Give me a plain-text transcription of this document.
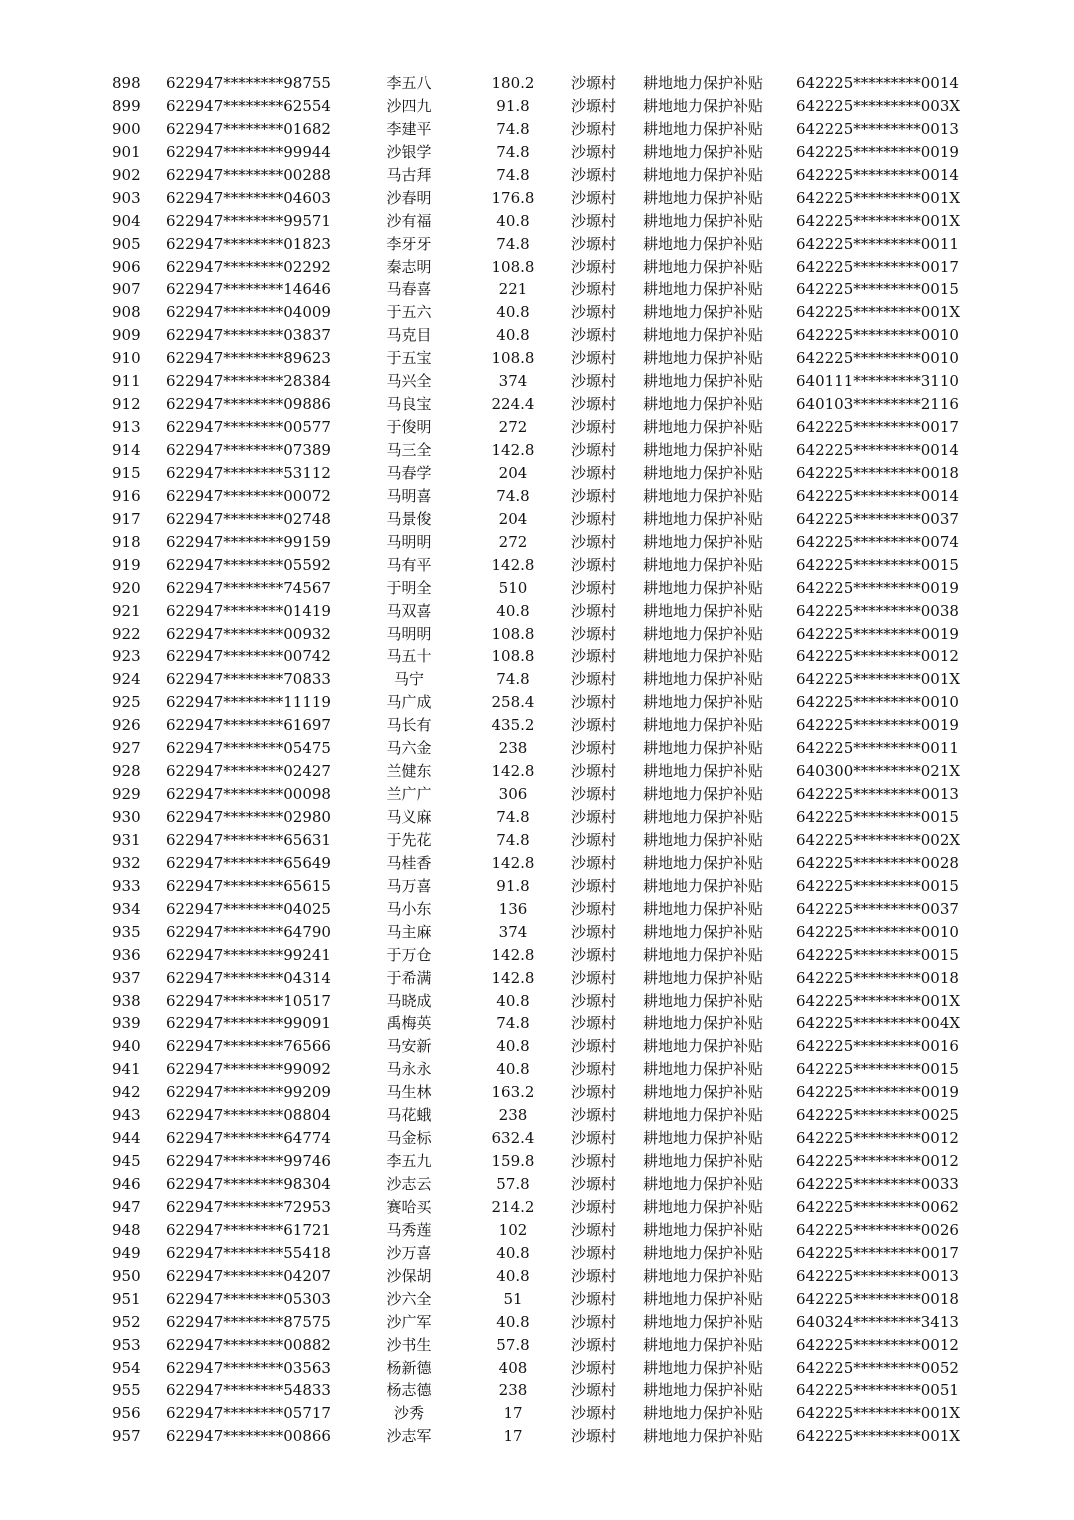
898 622947********98755	李五八	180.2	沙塬村 耕地地力保护补贴 642225*********0014
899 622947********62554	沙四九	91.8	沙塬村 耕地地力保护补贴 642225*********003X
900 622947********01682	李建平	74.8	沙塬村 耕地地力保护补贴 642225*********0013
901 622947********99944	沙银学	74.8	沙塬村 耕地地力保护补贴 642225*********0019
902 622947********00288	马古拜	74.8	沙塬村 耕地地力保护补贴 642225*********0014
903 622947********04603	沙春明	176.8	沙塬村 耕地地力保护补贴 642225*********001X
904 622947********99571	沙有福	40.8	沙塬村 耕地地力保护补贴 642225*********001X
905 622947********01823	李牙牙	74.8	沙塬村 耕地地力保护补贴 642225*********0011
906 622947********02292	秦志明	108.8	沙塬村 耕地地力保护补贴 642225*********0017
907 622947********14646	马春喜	221	沙塬村 耕地地力保护补贴 642225*********0015
908 622947********04009	于五六	40.8	沙塬村 耕地地力保护补贴 642225*********001X
909 622947********03837	马克目	40.8	沙塬村 耕地地力保护补贴 642225*********0010
910 622947********89623	于五宝	108.8	沙塬村 耕地地力保护补贴 642225*********0010
911 622947********28384	马兴全	374	沙塬村 耕地地力保护补贴 640111*********3110
912 622947********09886	马良宝	224.4	沙塬村 耕地地力保护补贴 640103*********2116
913 622947********00577	于俊明	272	沙塬村 耕地地力保护补贴 642225*********0017
914 622947********07389	马三全	142.8	沙塬村 耕地地力保护补贴 642225*********0014
915 622947********53112	马春学	204	沙塬村 耕地地力保护补贴 642225*********0018
916 622947********00072	马明喜	74.8	沙塬村 耕地地力保护补贴 642225*********0014
917 622947********02748	马景俊	204	沙塬村 耕地地力保护补贴 642225*********0037
918 622947********99159	马明明	272	沙塬村 耕地地力保护补贴 642225*********0074
919 622947********05592	马有平	142.8	沙塬村 耕地地力保护补贴 642225*********0015
920 622947********74567	于明全	510	沙塬村 耕地地力保护补贴 642225*********0019
921 622947********01419	马双喜	40.8	沙塬村 耕地地力保护补贴 642225*********0038
922 622947********00932	马明明	108.8	沙塬村 耕地地力保护补贴 642225*********0019
923 622947********00742	马五十	108.8	沙塬村 耕地地力保护补贴 642225*********0012
924 622947********70833	马宁	74.8	沙塬村 耕地地力保护补贴 642225*********001X
925 622947********11119	马广成	258.4	沙塬村 耕地地力保护补贴 642225*********0010
926 622947********61697	马长有	435.2	沙塬村 耕地地力保护补贴 642225*********0019
927 622947********05475	马六金	238	沙塬村 耕地地力保护补贴 642225*********0011
928 622947********02427	兰健东	142.8	沙塬村 耕地地力保护补贴 640300*********021X
929 622947********00098	兰广广	306	沙塬村 耕地地力保护补贴 642225*********0013
930 622947********02980	马义麻	74.8	沙塬村 耕地地力保护补贴 642225*********0015
931 622947********65631	于先花	74.8	沙塬村 耕地地力保护补贴 642225*********002X
932 622947********65649	马桂香	142.8	沙塬村 耕地地力保护补贴 642225*********0028
933 622947********65615	马万喜	91.8	沙塬村 耕地地力保护补贴 642225*********0015
934 622947********04025	马小东	136	沙塬村 耕地地力保护补贴 642225*********0037
935 622947********64790	马主麻	374	沙塬村 耕地地力保护补贴 642225*********0010
936 622947********99241	于万仓	142.8	沙塬村 耕地地力保护补贴 642225*********0015
937 622947********04314	于希满	142.8	沙塬村 耕地地力保护补贴 642225*********0018
938 622947********10517	马晓成	40.8	沙塬村 耕地地力保护补贴 642225*********001X
939 622947********99091	禹梅英	74.8	沙塬村 耕地地力保护补贴 642225*********004X
940 622947********76566	马安新	40.8	沙塬村 耕地地力保护补贴 642225*********0016
941 622947********99092	马永永	40.8	沙塬村 耕地地力保护补贴 642225*********0015
942 622947********99209	马生林	163.2	沙塬村 耕地地力保护补贴 642225*********0019
943 622947********08804	马花蛾	238	沙塬村 耕地地力保护补贴 642225*********0025
944 622947********64774	马金标	632.4	沙塬村 耕地地力保护补贴 642225*********0012
945 622947********99746	李五九	159.8	沙塬村 耕地地力保护补贴 642225*********0012
946 622947********98304	沙志云	57.8	沙塬村 耕地地力保护补贴 642225*********0033
947 622947********72953	赛哈买	214.2	沙塬村 耕地地力保护补贴 642225*********0062
948 622947********61721	马秀莲	102	沙塬村 耕地地力保护补贴 642225*********0026
949 622947********55418	沙万喜	40.8	沙塬村 耕地地力保护补贴 642225*********0017
950 622947********04207	沙保胡	40.8	沙塬村 耕地地力保护补贴 642225*********0013
951 622947********05303	沙六全	51	沙塬村 耕地地力保护补贴 642225*********0018
952 622947********87575	沙广军	40.8	沙塬村 耕地地力保护补贴 640324*********3413
953 622947********00882	沙书生	57.8	沙塬村 耕地地力保护补贴 642225*********0012
954 622947********03563	杨新德	408	沙塬村 耕地地力保护补贴 642225*********0052
955 622947********54833	杨志德	238	沙塬村 耕地地力保护补贴 642225*********0051
956 622947********05717	沙秀	17	沙塬村 耕地地力保护补贴 642225*********001X
957 622947********00866	沙志军	17	沙塬村 耕地地力保护补贴 642225*********001X
